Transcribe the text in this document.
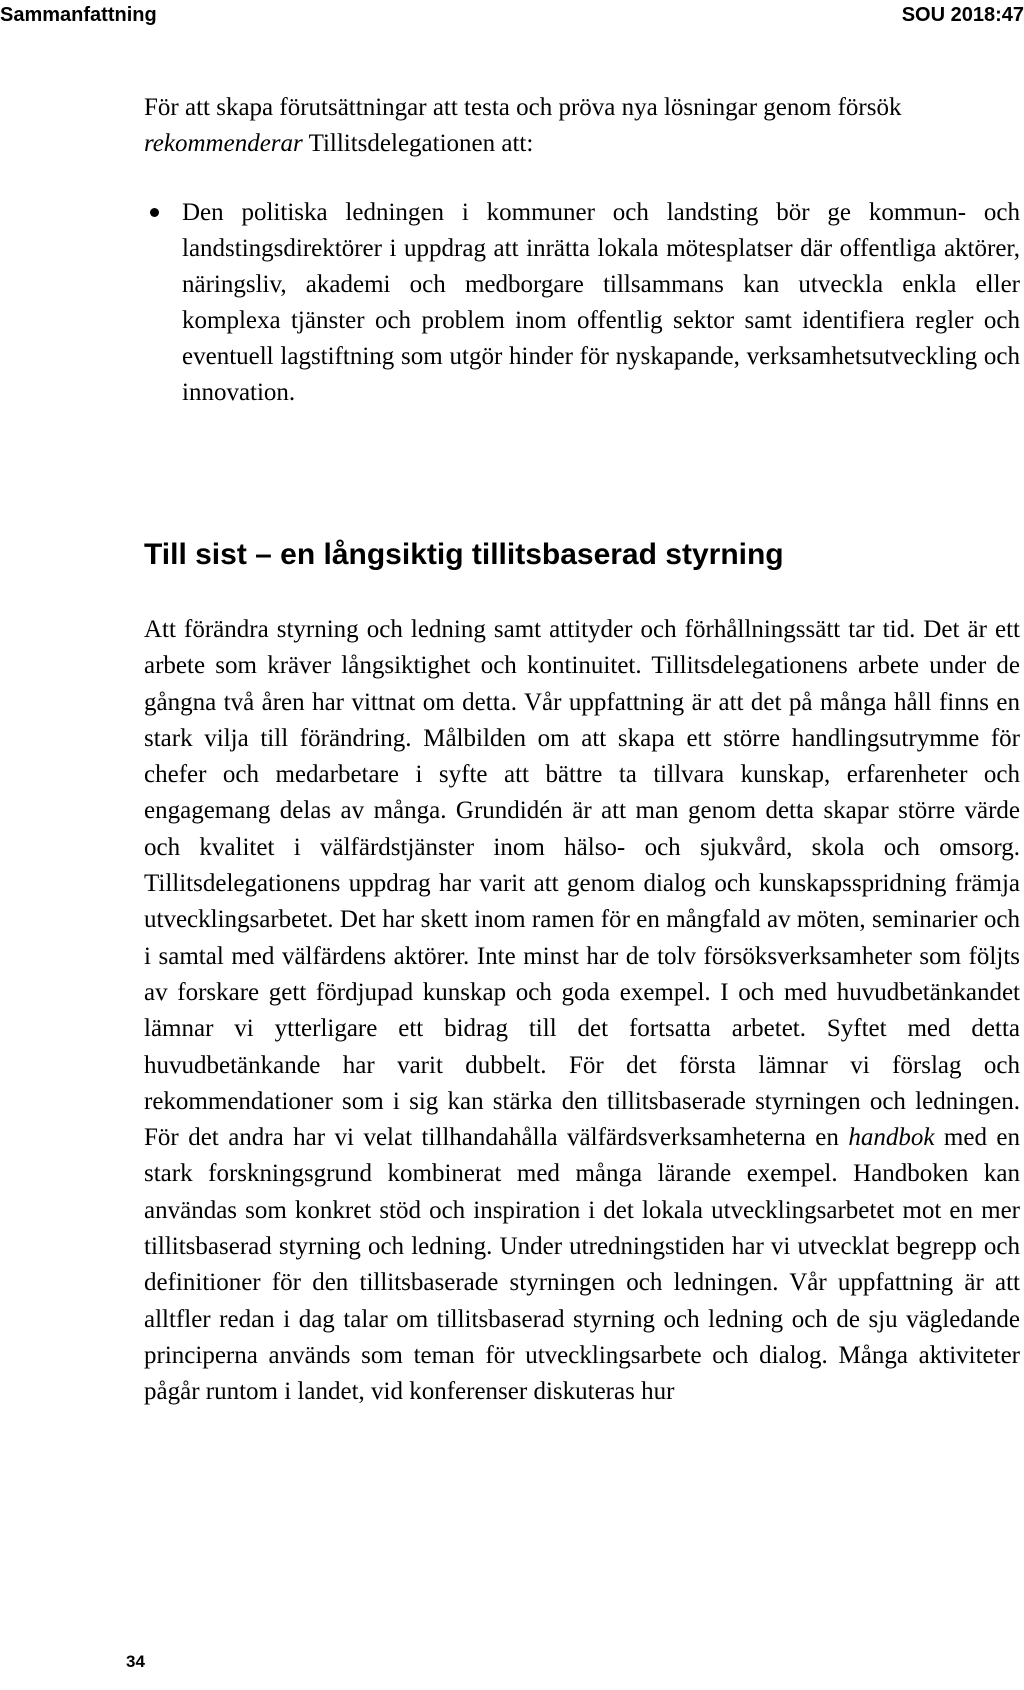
Sammanfattning	SOU 2018:47

För att skapa förutsättningar att testa och pröva nya lösningar genom försök rekommenderar Tillitsdelegationen att:

Den politiska ledningen i kommuner och landsting bör ge kommun- och landstingsdirektörer i uppdrag att inrätta lokala mötesplatser där offentliga aktörer, näringsliv, akademi och medborgare tillsammans kan utveckla enkla eller komplexa tjänster och problem inom offentlig sektor samt identifiera regler och eventuell lagstiftning som utgör hinder för nyskapande, verksamhetsutveckling och innovation.
Till sist – en långsiktig tillitsbaserad styrning

Att förändra styrning och ledning samt attityder och förhållningssätt tar tid. Det är ett arbete som kräver långsiktighet och kontinuitet. Tillitsdelegationens arbete under de gångna två åren har vittnat om detta. Vår uppfattning är att det på många håll finns en stark vilja till förändring. Målbilden om att skapa ett större handlingsutrymme för chefer och medarbetare i syfte att bättre ta tillvara kunskap, erfarenheter och engagemang delas av många. Grundidén är att man genom detta skapar större värde och kvalitet i välfärdstjänster inom hälso- och sjukvård, skola och omsorg. Tillitsdelegationens uppdrag har varit att genom dialog och kunskapsspridning främja utvecklingsarbetet. Det har skett inom ramen för en mångfald av möten, seminarier och i samtal med välfärdens aktörer. Inte minst har de tolv försöksverksamheter som följts av forskare gett fördjupad kunskap och goda exempel. I och med huvudbetänkandet lämnar vi ytterligare ett bidrag till det fortsatta arbetet. Syftet med detta huvudbetänkande har varit dubbelt. För det första lämnar vi förslag och rekommendationer som i sig kan stärka den tillitsbaserade styrningen och ledningen. För det andra har vi velat tillhandahålla välfärdsverksamheterna en handbok med en stark forskningsgrund kombinerat med många lärande exempel. Handboken kan användas som konkret stöd och inspiration i det lokala utvecklingsarbetet mot en mer tillitsbaserad styrning och ledning. Under utredningstiden har vi utvecklat begrepp och definitioner för den tillitsbaserade styrningen och ledningen. Vår uppfattning är att alltfler redan i dag talar om tillitsbaserad styrning och ledning och de sju vägledande principerna används som teman för utvecklingsarbete och dialog. Många aktiviteter pågår runtom i landet, vid konferenser diskuteras hur

34
